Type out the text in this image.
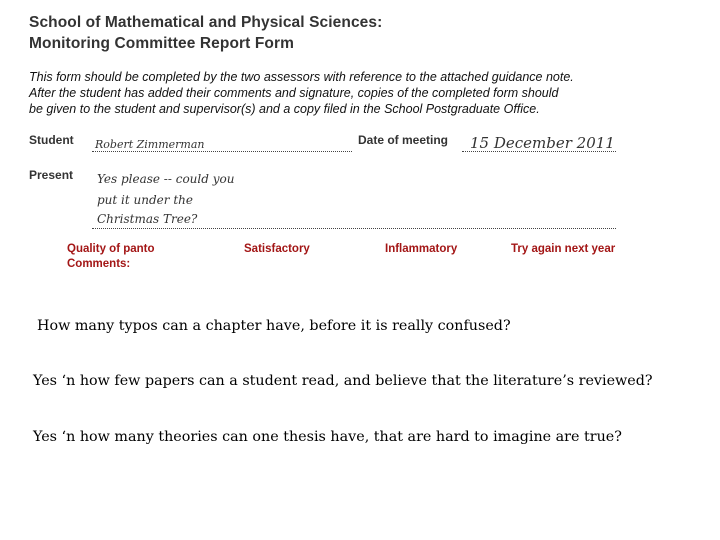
School of Mathematical and Physical Sciences:
Monitoring Committee Report Form
This form should be completed by the two assessors with reference to the attached guidance note.
After the student has added their comments and signature, copies of the completed form should
be given to the student and supervisor(s) and a copy filed in the School Postgraduate Office.
Student Robert Zimmerman	Date of meeting 15 December 2011
Present Yes please -- could you
put it under the
Christmas Tree?
Quality of panto	Satisfactory	Inflammatory	Try again next year
Comments:
How many typos can a chapter have, before it is really confused?
Yes ‘n how few papers can a student read, and believe that the literature’s reviewed?
Yes ‘n how many theories can one thesis have, that are hard to imagine are true?
